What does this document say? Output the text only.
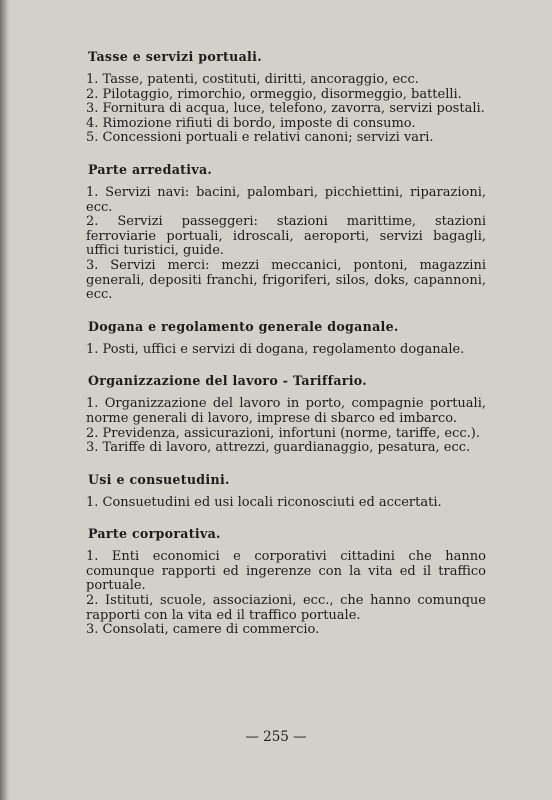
Tasse e servizi portuali.
1. Tasse, patenti, costituti, diritti, ancoraggio, ecc.
2. Pilotaggio, rimorchio, ormeggio, disormeggio, battelli.
3. Fornitura di acqua, luce, telefono, zavorra, servizi postali.
4. Rimozione rifiuti di bordo, imposte di consumo.
5. Concessioni portuali e relativi canoni; servizi vari.
Parte arredativa.
1. Servizi navi: bacini, palombari, picchiettini, riparazioni, ecc.
2. Servizi passeggeri: stazioni marittime, stazioni ferroviarie portuali, idroscali, aeroporti, servizi bagagli, uffici turistici, guide.
3. Servizi merci: mezzi meccanici, pontoni, magazzini generali, depositi franchi, frigoriferi, silos, doks, capannoni, ecc.
Dogana e regolamento generale doganale.
1. Posti, uffici e servizi di dogana, regolamento doganale.
Organizzazione del lavoro - Tariffario.
1. Organizzazione del lavoro in porto, compagnie portuali, norme generali di lavoro, imprese di sbarco ed imbarco.
2. Previdenza, assicurazioni, infortuni (norme, tariffe, ecc.).
3. Tariffe di lavoro, attrezzi, guardianaggio, pesatura, ecc.
Usi e consuetudini.
1. Consuetudini ed usi locali riconosciuti ed accertati.
Parte corporativa.
1. Enti economici e corporativi cittadini che hanno comunque rapporti ed ingerenze con la vita ed il traffico portuale.
2. Istituti, scuole, associazioni, ecc., che hanno comunque rapporti con la vita ed il traffico portuale.
3. Consolati, camere di commercio.
— 255 —
